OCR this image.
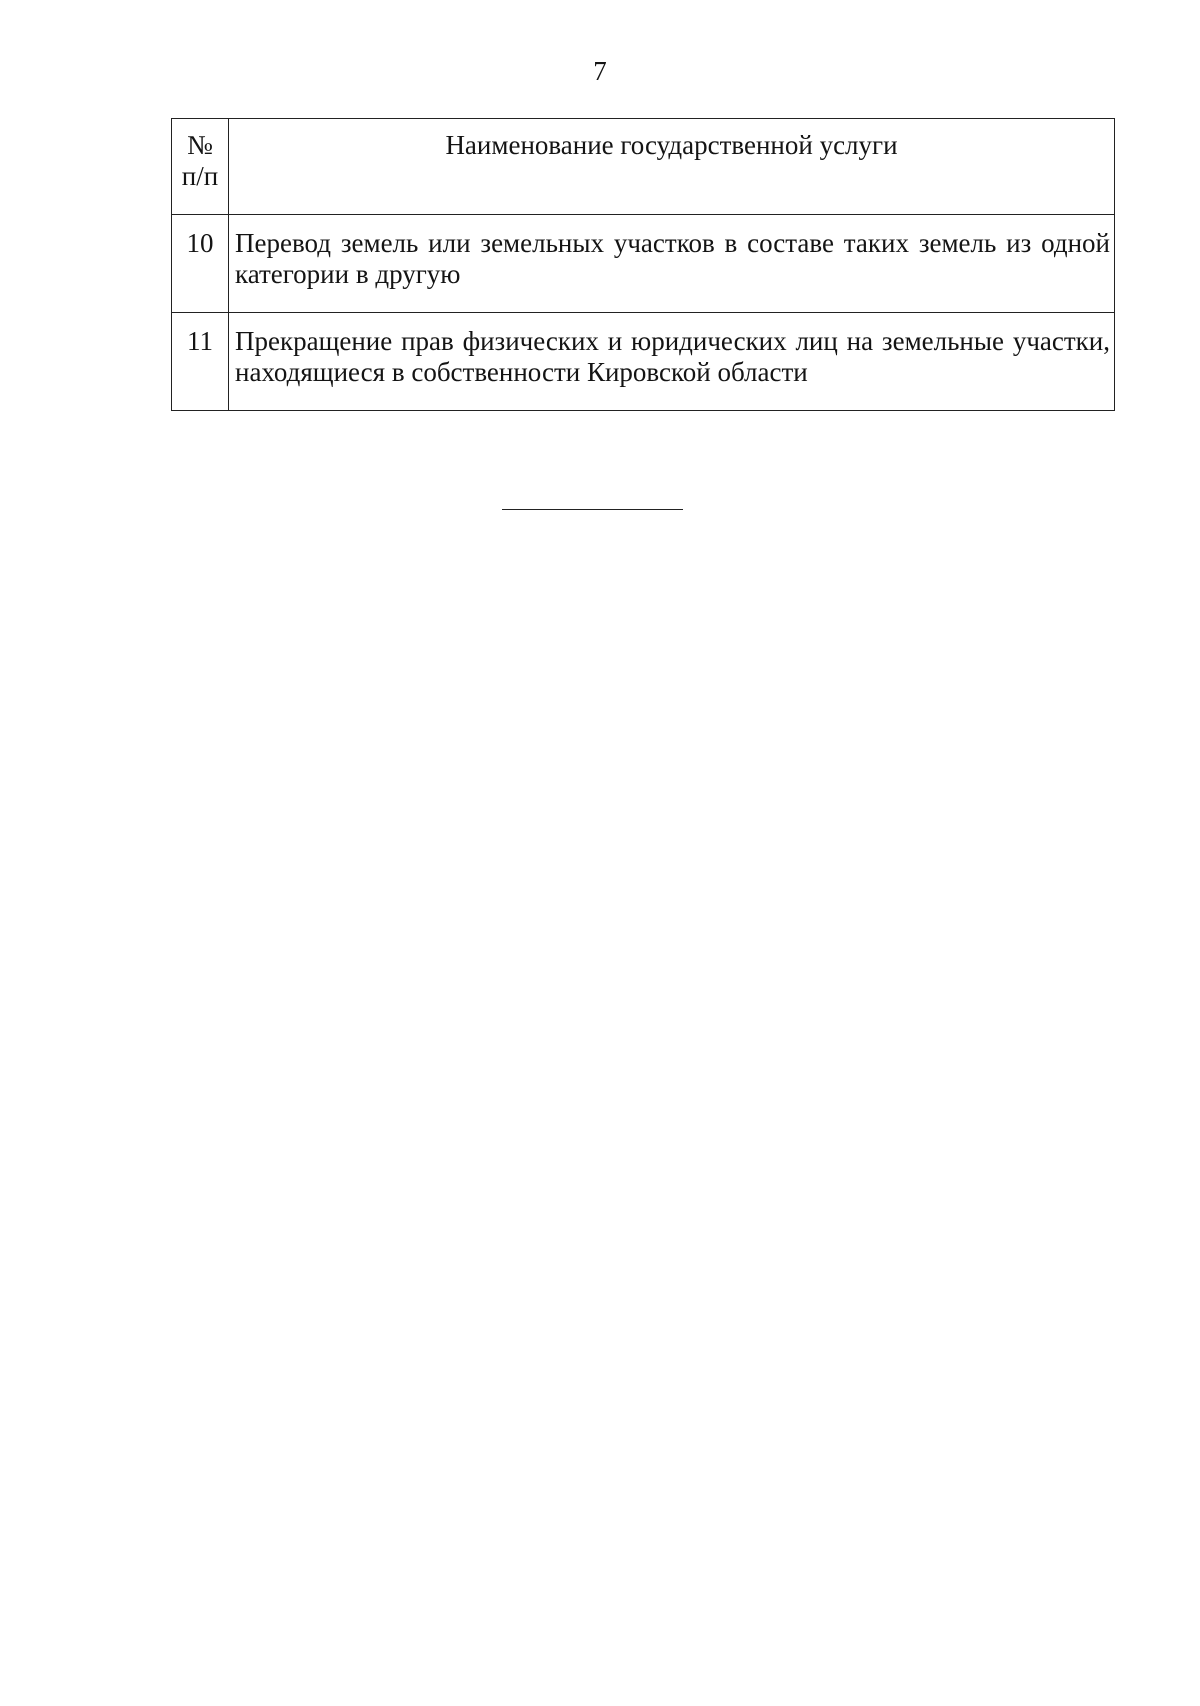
7
№
п/п	Наименование государственной услуги
10	Перевод земель или земельных участков в составе таких земель из одной категории в другую
11	Прекращение прав физических и юридических лиц на земельные участки, находящиеся в собственности Кировской области
